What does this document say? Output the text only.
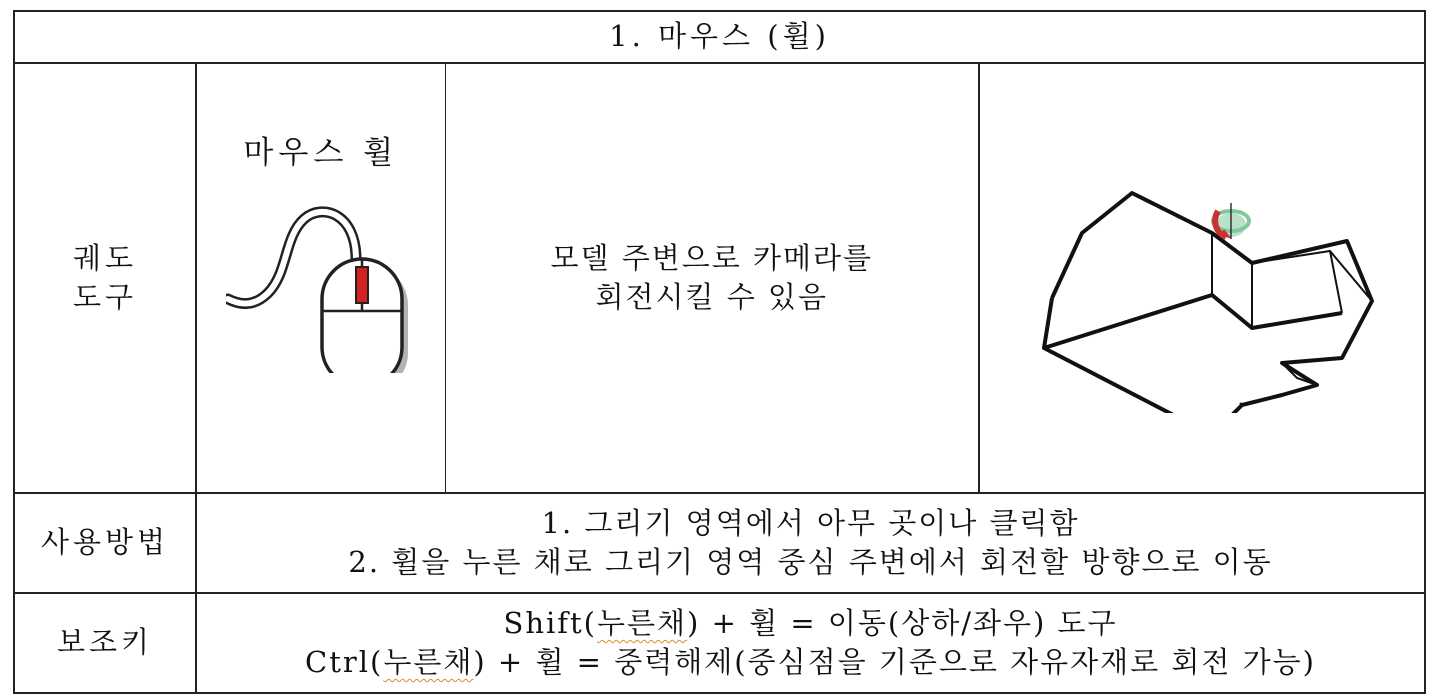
1. 마우스 (휠)			

궤도
도구	마우스 휠	모델 주변으로 카메라를
회전시킬 수 있음

사용방법	1. 그리기 영역에서 아무 곳이나 클릭함
2. 휠을 누른 채로 그리기 영역 중심 주변에서 회전할 방향으로 이동		

보조키	Shift(누른채) + 휠 = 이동(상하/좌우) 도구
Ctrl(누른채) + 휠 = 중력해제(중심점을 기준으로 자유자재로 회전 가능)		
